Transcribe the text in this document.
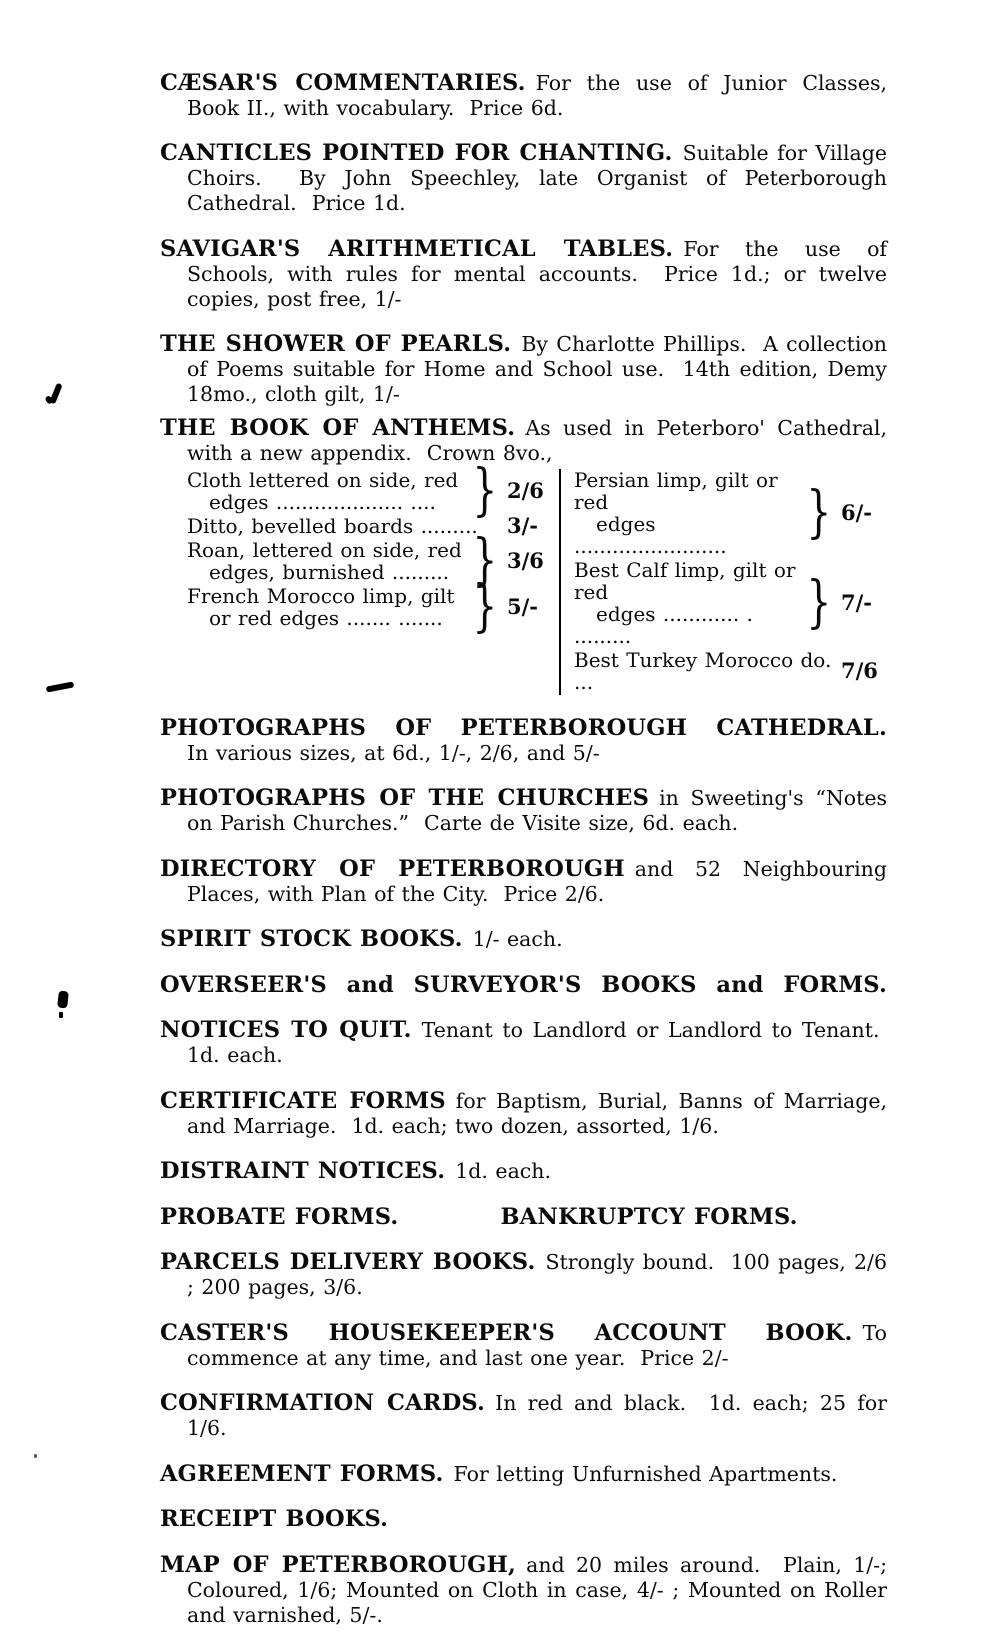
CÆSAR'S COMMENTARIES. For the use of Junior Classes, Book II., with vocabulary.  Price 6d.

CANTICLES POINTED FOR CHANTING. Suitable for Village Choirs.  By John Speechley, late Organist of Peterborough Cathedral.  Price 1d.

SAVIGAR'S ARITHMETICAL TABLES. For the use of Schools, with rules for mental accounts.  Price 1d.; or twelve copies, post free, 1/-

THE SHOWER OF PEARLS. By Charlotte Phillips.  A collection of Poems suitable for Home and School use.  14th edition, Demy 18mo., cloth gilt, 1/-

THE BOOK OF ANTHEMS. As used in Peterboro' Cathedral, with a new appendix.  Crown 8vo.,
Cloth lettered on side, red
edges .................... .... } 2/6
Ditto, bevelled boards .........	3/-
Roan, lettered on side, red
edges, burnished ......... } 3/6
French Morocco limp, gilt
or red edges ....... ....... } 5/-
Persian limp, gilt or red
edges ........................
} 6/-
Best Calf limp, gilt or red
edges ............ . .........
} 7/-
Best Turkey Morocco do. ...	7/6

PHOTOGRAPHS OF PETERBOROUGH CATHEDRAL.
In various sizes, at 6d., 1/-, 2/6, and 5/-

PHOTOGRAPHS OF THE CHURCHES in Sweeting's “Notes on Parish Churches.”  Carte de Visite size, 6d. each.

DIRECTORY OF PETERBOROUGH and 52 Neighbouring Places, with Plan of the City.  Price 2/6.

SPIRIT STOCK BOOKS. 1/- each.

OVERSEER'S and SURVEYOR'S BOOKS and FORMS.

NOTICES TO QUIT. Tenant to Landlord or Landlord to Tenant.  1d. each.

CERTIFICATE FORMS for Baptism, Burial, Banns of Marriage, and Marriage.  1d. each; two dozen, assorted, 1/6.

DISTRAINT NOTICES. 1d. each.

PROBATE FORMS.	BANKRUPTCY FORMS.

PARCELS DELIVERY BOOKS. Strongly bound.  100 pages, 2/6 ; 200 pages, 3/6.

CASTER'S HOUSEKEEPER'S ACCOUNT BOOK. To commence at any time, and last one year.  Price 2/-

CONFIRMATION CARDS. In red and black.  1d. each; 25 for 1/6.

AGREEMENT FORMS. For letting Unfurnished Apartments.

RECEIPT BOOKS.

MAP OF PETERBOROUGH, and 20 miles around.  Plain, 1/-; Coloured, 1/6; Mounted on Cloth in case, 4/- ; Mounted on Roller and varnished, 5/-.
